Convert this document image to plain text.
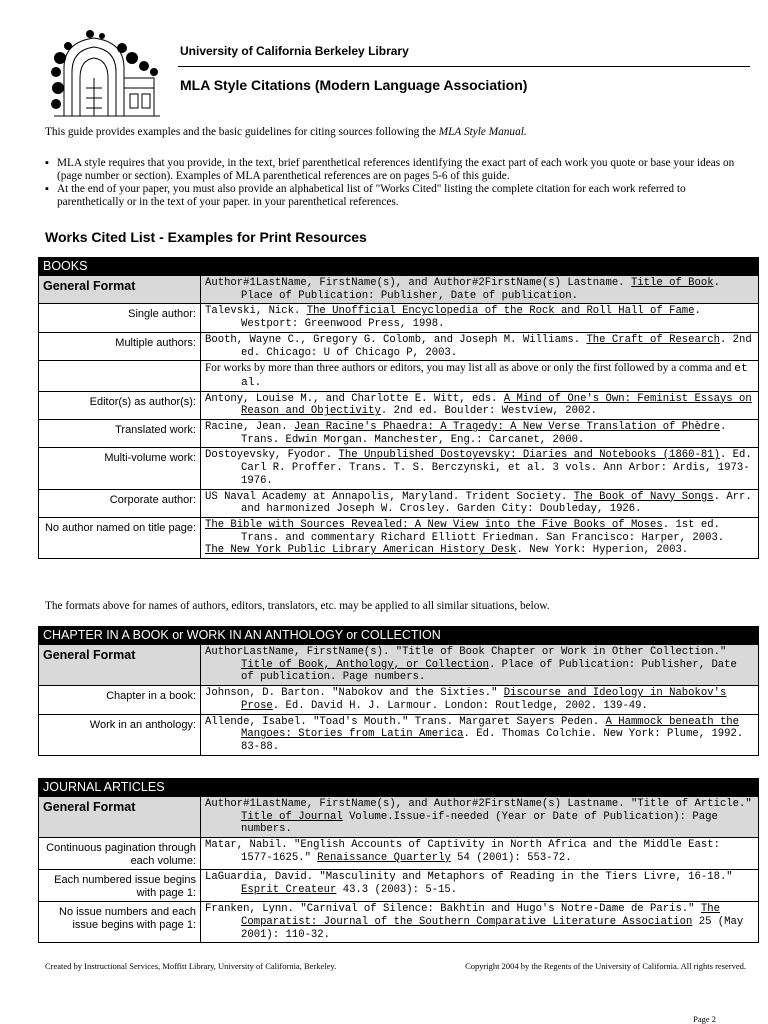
University of California Berkeley Library
MLA Style Citations (Modern Language Association)

This guide provides examples and the basic guidelines for citing sources following the MLA Style Manual.

▪ MLA style requires that you provide, in the text, brief parenthetical references identifying the exact part of each work you quote or base your ideas on (page number or section). Examples of MLA parenthetical references are on pages 5-6 of this guide.
▪ At the end of your paper, you must also provide an alphabetical list of "Works Cited" listing the complete citation for each work referred to parenthetically or in the text of your paper. in your parenthetical references.
Works Cited List - Examples for Print Resources
BOOKS	
General Format	Author#1LastName, FirstName(s), and Author#2FirstName(s) Lastname. Title of Book. Place of Publication: Publisher, Date of publication.

Single author:	Talevski, Nick. The Unofficial Encyclopedia of the Rock and Roll Hall of Fame. Westport: Greenwood Press, 1998.

Multiple authors:	Booth, Wayne C., Gregory G. Colomb, and Joseph M. Williams. The Craft of Research. 2nd ed. Chicago: U of Chicago P, 2003.

	For works by more than three authors or editors, you may list all as above or only the first followed by a comma and et al.

Editor(s) as author(s):	Antony, Louise M., and Charlotte E. Witt, eds. A Mind of One's Own: Feminist Essays on Reason and Objectivity. 2nd ed. Boulder: Westview, 2002.

Translated work:	Racine, Jean. Jean Racine's Phaedra: A Tragedy: A New Verse Translation of Phèdre. Trans. Edwin Morgan. Manchester, Eng.: Carcanet, 2000.

Multi-volume work:	Dostoyevsky, Fyodor. The Unpublished Dostoyevsky: Diaries and Notebooks (1860-81). Ed. Carl R. Proffer. Trans. T. S. Berczynski, et al. 3 vols. Ann Arbor: Ardis, 1973-1976.

Corporate author:	US Naval Academy at Annapolis, Maryland. Trident Society. The Book of Navy Songs. Arr. and harmonized Joseph W. Crosley. Garden City: Doubleday, 1926.

No author named on title page:	The Bible with Sources Revealed: A New View into the Five Books of Moses. 1st ed. Trans. and commentary Richard Elliott Friedman. San Francisco: Harper, 2003.
The New York Public Library American History Desk. New York: Hyperion, 2003.
The formats above for names of authors, editors, translators, etc. may be applied to all similar situations, below.
CHAPTER IN A BOOK or WORK IN AN ANTHOLOGY or COLLECTION	
General Format	AuthorLastName, FirstName(s). "Title of Book Chapter or Work in Other Collection." Title of Book, Anthology, or Collection. Place of Publication: Publisher, Date of publication. Page numbers.

Chapter in a book:	Johnson, D. Barton. "Nabokov and the Sixties." Discourse and Ideology in Nabokov's Prose. Ed. David H. J. Larmour. London: Routledge, 2002. 139-49.

Work in an anthology:	Allende, Isabel. "Toad's Mouth." Trans. Margaret Sayers Peden. A Hammock beneath the Mangoes: Stories from Latin America. Ed. Thomas Colchie. New York: Plume, 1992. 83-88.
JOURNAL ARTICLES	
General Format	Author#1LastName, FirstName(s), and Author#2FirstName(s) Lastname. "Title of Article." Title of Journal Volume.Issue-if-needed (Year or Date of Publication): Page numbers.

Continuous pagination through each volume:	Matar, Nabil. "English Accounts of Captivity in North Africa and the Middle East: 1577-1625." Renaissance Quarterly 54 (2001): 553-72.

Each numbered issue begins with page 1:	LaGuardia, David. "Masculinity and Metaphors of Reading in the Tiers Livre, 16-18." Esprit Createur 43.3 (2003): 5-15.

No issue numbers and each issue begins with page 1:	Franken, Lynn. "Carnival of Silence: Bakhtin and Hugo's Notre-Dame de Paris." The Comparatist: Journal of the Southern Comparative Literature Association 25 (May 2001): 110-32.
Created by Instructional Services, Moffitt Library, University of California, Berkeley.	Copyright 2004 by the Regents of the University of California. All rights reserved.
Page 2
